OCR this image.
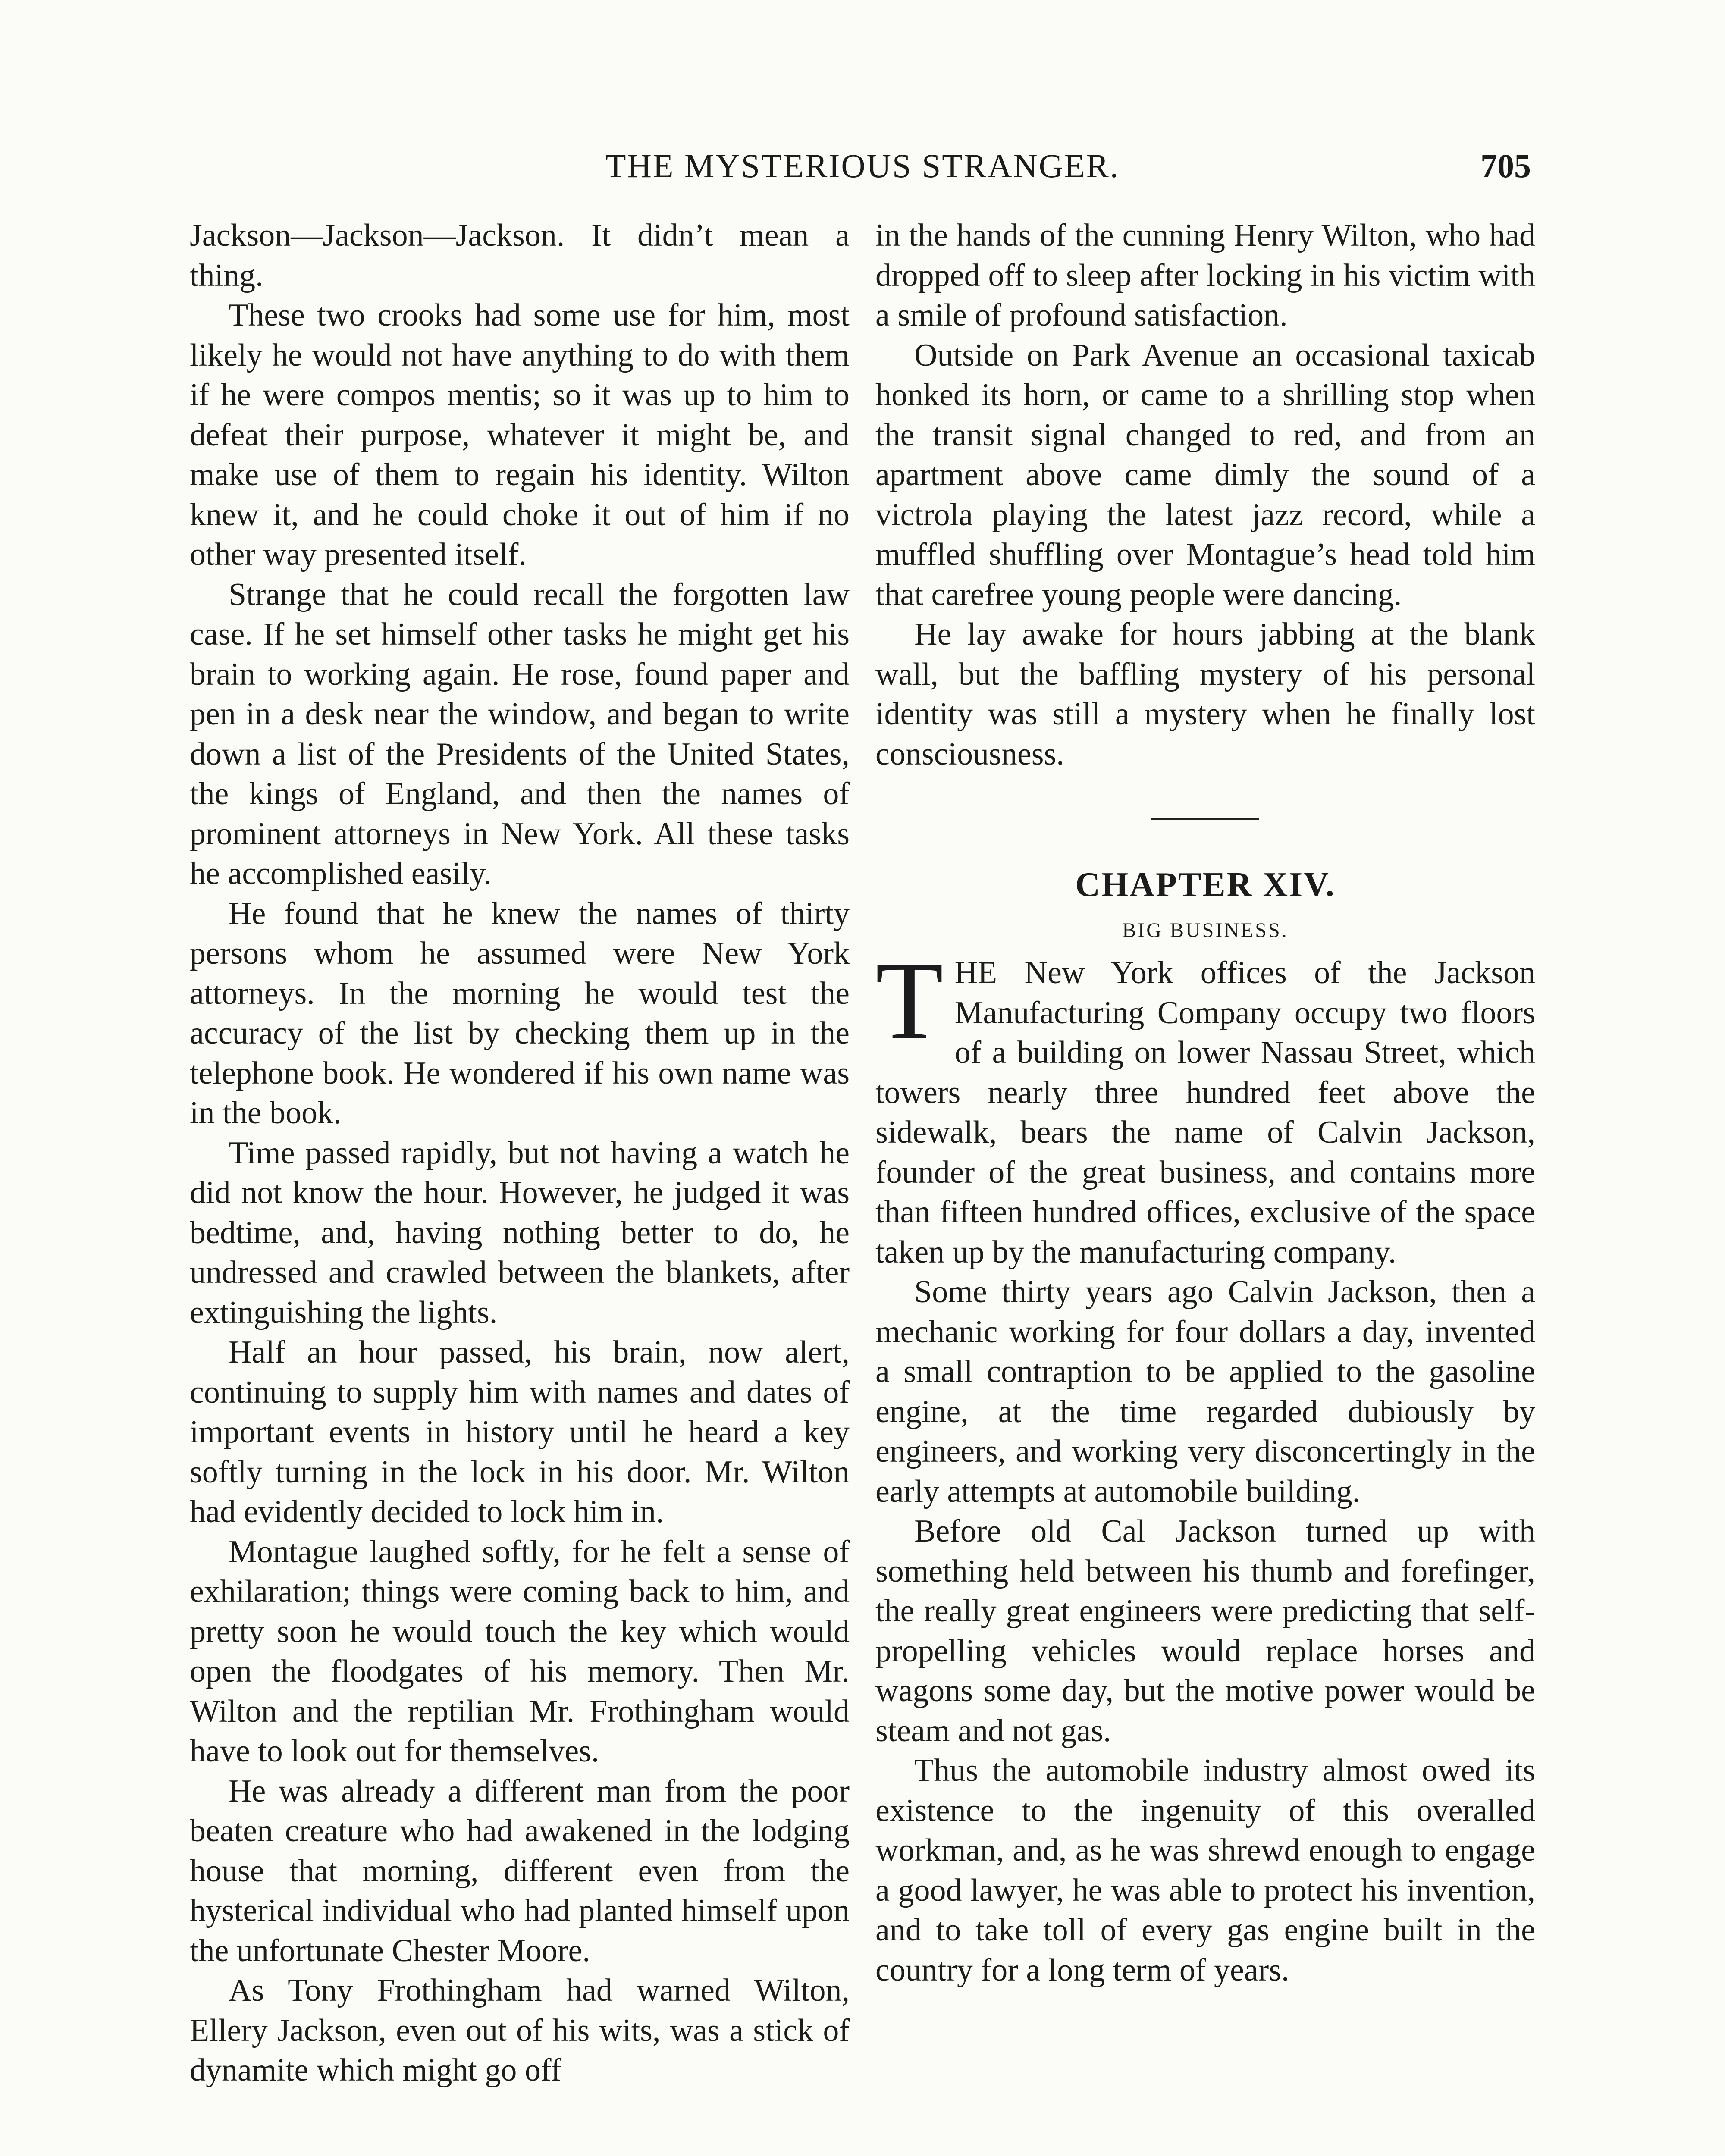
THE MYSTERIOUS STRANGER.	705

Jackson—Jackson—Jackson. It didn’t mean a thing.

These two crooks had some use for him, most likely he would not have anything to do with them if he were compos mentis; so it was up to him to defeat their purpose, whatever it might be, and make use of them to regain his identity. Wilton knew it, and he could choke it out of him if no other way presented itself.

Strange that he could recall the forgotten law case. If he set himself other tasks he might get his brain to working again. He rose, found paper and pen in a desk near the window, and began to write down a list of the Presidents of the United States, the kings of England, and then the names of prominent attorneys in New York. All these tasks he accomplished easily.

He found that he knew the names of thirty persons whom he assumed were New York attorneys. In the morning he would test the accuracy of the list by checking them up in the telephone book. He wondered if his own name was in the book.

Time passed rapidly, but not having a watch he did not know the hour. However, he judged it was bedtime, and, having nothing better to do, he undressed and crawled between the blankets, after extinguishing the lights.

Half an hour passed, his brain, now alert, continuing to supply him with names and dates of important events in history until he heard a key softly turning in the lock in his door. Mr. Wilton had evidently decided to lock him in.

Montague laughed softly, for he felt a sense of exhilaration; things were coming back to him, and pretty soon he would touch the key which would open the floodgates of his memory. Then Mr. Wilton and the reptilian Mr. Frothingham would have to look out for themselves.

He was already a different man from the poor beaten creature who had awakened in the lodging house that morning, different even from the hysterical individual who had planted himself upon the unfortunate Chester Moore.

As Tony Frothingham had warned Wilton, Ellery Jackson, even out of his wits, was a stick of dynamite which might go off

in the hands of the cunning Henry Wilton, who had dropped off to sleep after locking in his victim with a smile of profound satisfaction.

Outside on Park Avenue an occasional taxicab honked its horn, or came to a shrilling stop when the transit signal changed to red, and from an apartment above came dimly the sound of a victrola playing the latest jazz record, while a muffled shuffling over Montague’s head told him that carefree young people were dancing.

He lay awake for hours jabbing at the blank wall, but the baffling mystery of his personal identity was still a mystery when he finally lost consciousness.

CHAPTER XIV.
BIG BUSINESS.

THE New York offices of the Jackson Manufacturing Company occupy two floors of a building on lower Nassau Street, which towers nearly three hundred feet above the sidewalk, bears the name of Calvin Jackson, founder of the great business, and contains more than fifteen hundred offices, exclusive of the space taken up by the manufacturing company.

Some thirty years ago Calvin Jackson, then a mechanic working for four dollars a day, invented a small contraption to be applied to the gasoline engine, at the time regarded dubiously by engineers, and working very disconcertingly in the early attempts at automobile building.

Before old Cal Jackson turned up with something held between his thumb and forefinger, the really great engineers were predicting that self-propelling vehicles would replace horses and wagons some day, but the motive power would be steam and not gas.

Thus the automobile industry almost owed its existence to the ingenuity of this overalled workman, and, as he was shrewd enough to engage a good lawyer, he was able to protect his invention, and to take toll of every gas engine built in the country for a long term of years.
